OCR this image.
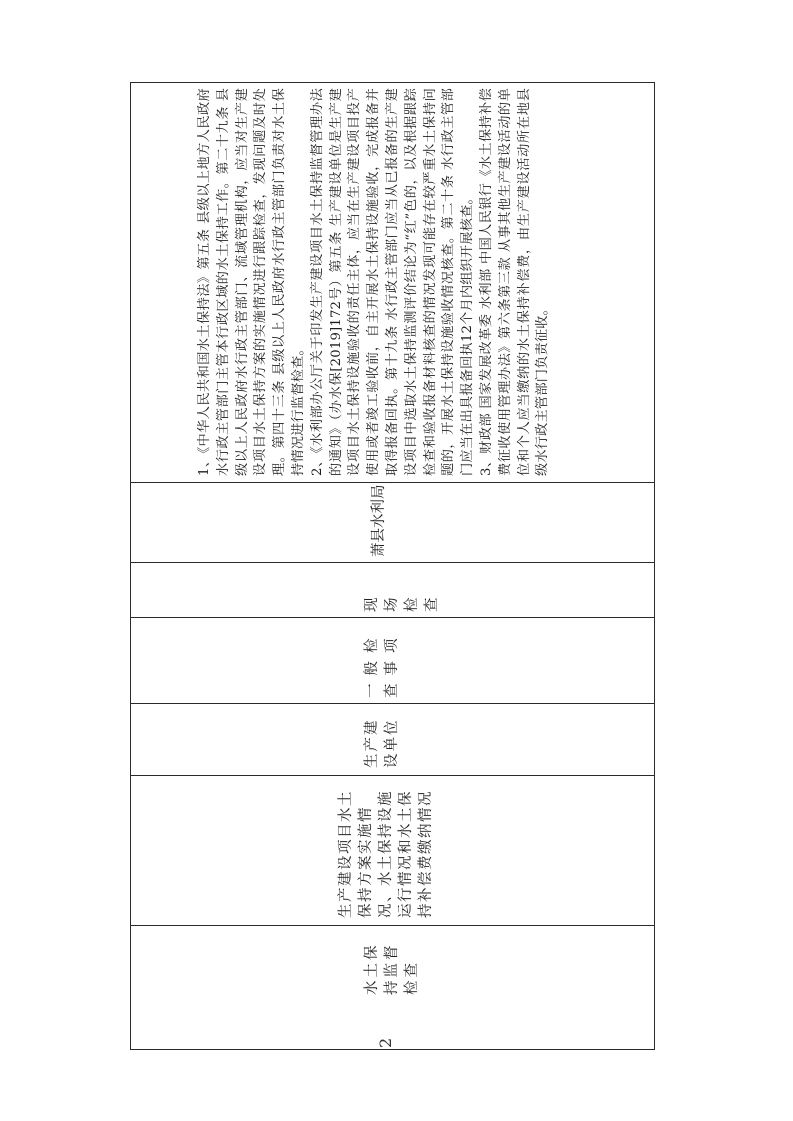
1、《中华人民共和国水土保持法》第五条 县级以上地方人民政府水行政主管部门主管本行政区域的水土保持工作。第二十九条 县级以上人民政府水行政主管部门、流域管理机构，应当对生产建设项目水土保持方案的实施情况进行跟踪检查，发现问题及时处理。第四十三条 县级以上人民政府水行政主管部门负责对水土保持情况进行监督检查。 2、《水利部办公厅关于印发生产建设项目水土保持监督管理办法的通知》（办水保[2019]172号）第五条 生产建设单位是生产建设项目水土保持设施验收的责任主体，应当在生产建设项目投产使用或者竣工验收前，自主开展水土保持设施验收，完成报备并取得报备回执。第十九条 水行政主管部门应当从已报备的生产建设项目中选取水土保持监测评价结论为“红”色的，以及根据跟踪检查和验收报备材料核查的情况发现可能存在较严重水土保持问题的，开展水土保持设施验收情况核查。第二十条 水行政主管部门应当在出具报备回执12个月内组织开展核查。 3、财政部 国家发展改革委 水利部 中国人民银行《水土保持补偿费征收使用管理办法》第六条第三款 从事其他生产建设活动的单位和个人应当缴纳的水土保持补偿费，由生产建设活动所在地县级水行政主管部门负责征收。

萧县水利局
现场检查
一般检查事项
生产建设单位
生产建设项目水土保持方案实施情况、水土保持设施运行情况和水土保持补偿费缴纳情况
水土保持监督检查
2
